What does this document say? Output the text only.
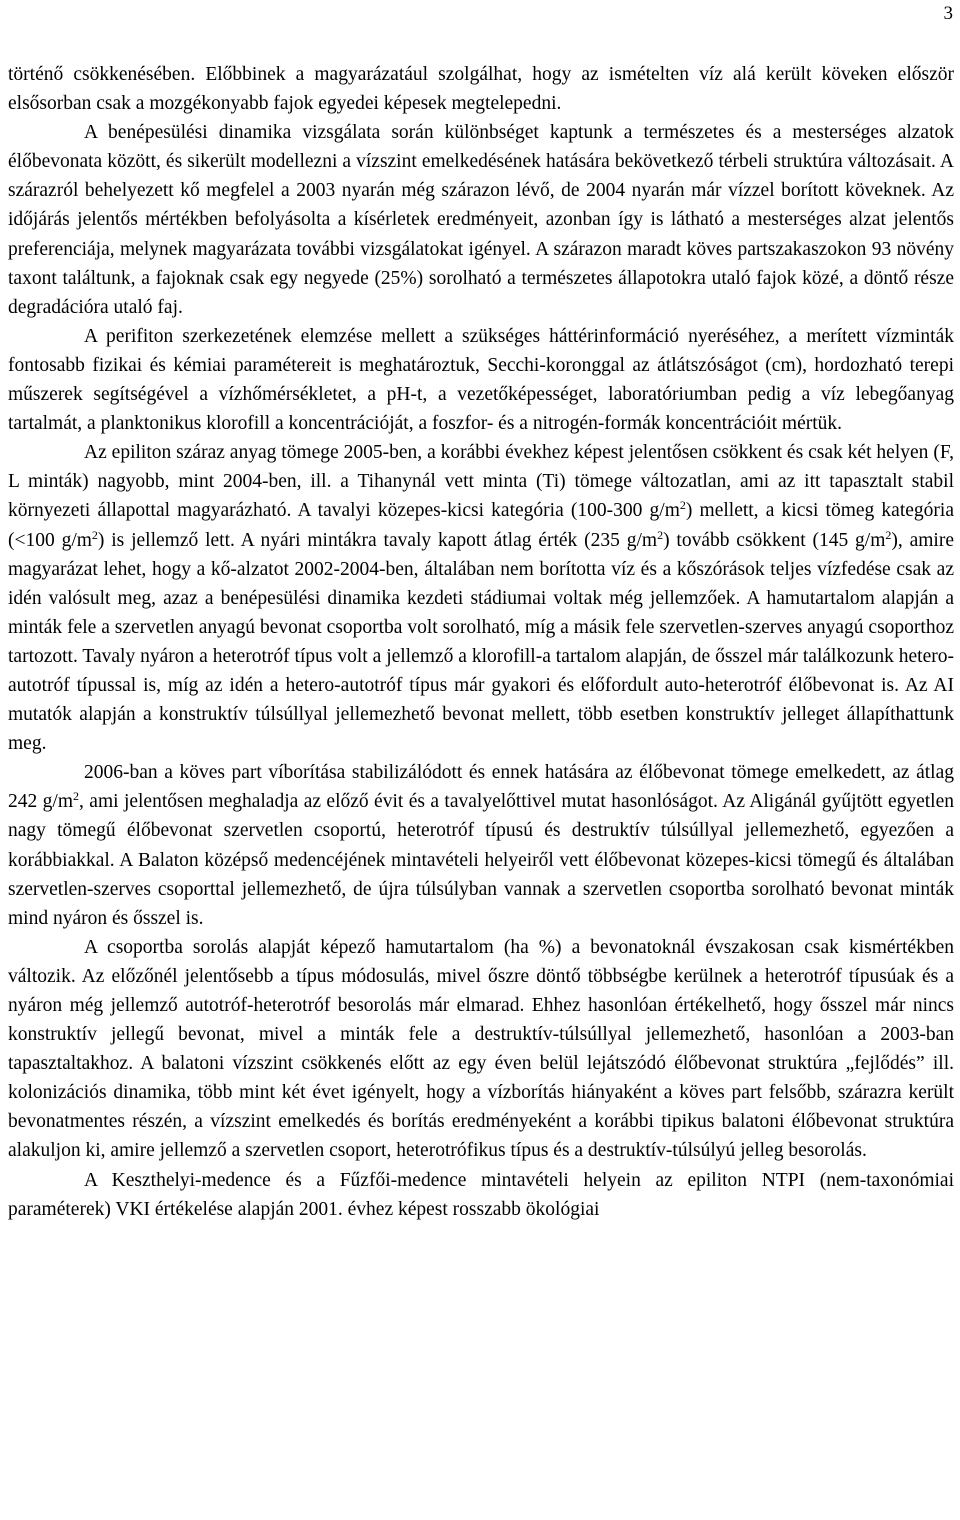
3

történő csökkenésében. Előbbinek a magyarázatául szolgálhat, hogy az ismételten víz alá került köveken először elsősorban csak a mozgékonyabb fajok egyedei képesek megtelepedni.

A benépesülési dinamika vizsgálata során különbséget kaptunk a természetes és a mesterséges alzatok élőbevonata között, és sikerült modellezni a vízszint emelkedésének hatására bekövetkező térbeli struktúra változásait. A szárazról behelyezett kő megfelel a 2003 nyarán még szárazon lévő, de 2004 nyarán már vízzel borított köveknek. Az időjárás jelentős mértékben befolyásolta a kísérletek eredményeit, azonban így is látható a mesterséges alzat jelentős preferenciája, melynek magyarázata további vizsgálatokat igényel. A szárazon maradt köves partszakaszokon 93 növény taxont találtunk, a fajoknak csak egy negyede (25%) sorolható a természetes állapotokra utaló fajok közé, a döntő része degradációra utaló faj.

A perifiton szerkezetének elemzése mellett a szükséges háttérinformáció nyeréséhez, a merített vízminták fontosabb fizikai és kémiai paramétereit is meghatároztuk, Secchi-koronggal az átlátszóságot (cm), hordozható terepi műszerek segítségével a vízhőmérsékletet, a pH-t, a vezetőképességet, laboratóriumban pedig a víz lebegőanyag tartalmát, a planktonikus klorofill a koncentrációját, a foszfor- és a nitrogén-formák koncentrációit mértük.

Az epiliton száraz anyag tömege 2005-ben, a korábbi évekhez képest jelentősen csökkent és csak két helyen (F, L minták) nagyobb, mint 2004-ben, ill. a Tihanynál vett minta (Ti) tömege változatlan, ami az itt tapasztalt stabil környezeti állapottal magyarázható. A tavalyi közepes-kicsi kategória (100-300 $g/m^2$) mellett, a kicsi tömeg kategória (<100 $g/m^2$) is jellemző lett. A nyári mintákra tavaly kapott átlag érték (235 $g/m^2$) tovább csökkent (145 $g/m^2$), amire magyarázat lehet, hogy a kő-alzatot 2002-2004-ben, általában nem borította víz és a kőszórások teljes vízfedése csak az idén valósult meg, azaz a benépesülési dinamika kezdeti stádiumai voltak még jellemzőek. A hamutartalom alapján a minták fele a szervetlen anyagú bevonat csoportba volt sorolható, míg a másik fele szervetlen-szerves anyagú csoporthoz tartozott. Tavaly nyáron a heterotróf típus volt a jellemző a klorofill-a tartalom alapján, de ősszel már találkozunk hetero-autotróf típussal is, míg az idén a hetero-autotróf típus már gyakori és előfordult auto-heterotróf élőbevonat is. Az AI mutatók alapján a konstruktív túlsúllyal jellemezhető bevonat mellett, több esetben konstruktív jelleget állapíthattunk meg.

2006-ban a köves part víborítása stabilizálódott és ennek hatására az élőbevonat tömege emelkedett, az átlag 242 $g/m^2$, ami jelentősen meghaladja az előző évit és a tavalyelőttivel mutat hasonlóságot. Az Aligánál gyűjtött egyetlen nagy tömegű élőbevonat szervetlen csoportú, heterotróf típusú és destruktív túlsúllyal jellemezhető, egyezően a korábbiakkal. A Balaton középső medencéjének mintavételi helyeiről vett élőbevonat közepes-kicsi tömegű és általában szervetlen-szerves csoporttal jellemezhető, de újra túlsúlyban vannak a szervetlen csoportba sorolható bevonat minták mind nyáron és ősszel is.

A csoportba sorolás alapját képező hamutartalom (ha %) a bevonatoknál évszakosan csak kismértékben változik. Az előzőnél jelentősebb a típus módosulás, mivel őszre döntő többségbe kerülnek a heterotróf típusúak és a nyáron még jellemző autotróf-heterotróf besorolás már elmarad. Ehhez hasonlóan értékelhető, hogy ősszel már nincs konstruktív jellegű bevonat, mivel a minták fele a destruktív-túlsúllyal jellemezhető, hasonlóan a 2003-ban tapasztaltakhoz. A balatoni vízszint csökkenés előtt az egy éven belül lejátszódó élőbevonat struktúra „fejlődés” ill. kolonizációs dinamika, több mint két évet igényelt, hogy a vízborítás hiányaként a köves part felsőbb, szárazra került bevonatmentes részén, a vízszint emelkedés és borítás eredményeként a korábbi tipikus balatoni élőbevonat struktúra alakuljon ki, amire jellemző a szervetlen csoport, heterotrófikus típus és a destruktív-túlsúlyú jelleg besorolás.

A Keszthelyi-medence és a Fűzfői-medence mintavételi helyein az epiliton NTPI (nem-taxonómiai paraméterek) VKI értékelése alapján 2001. évhez képest rosszabb ökológiai
